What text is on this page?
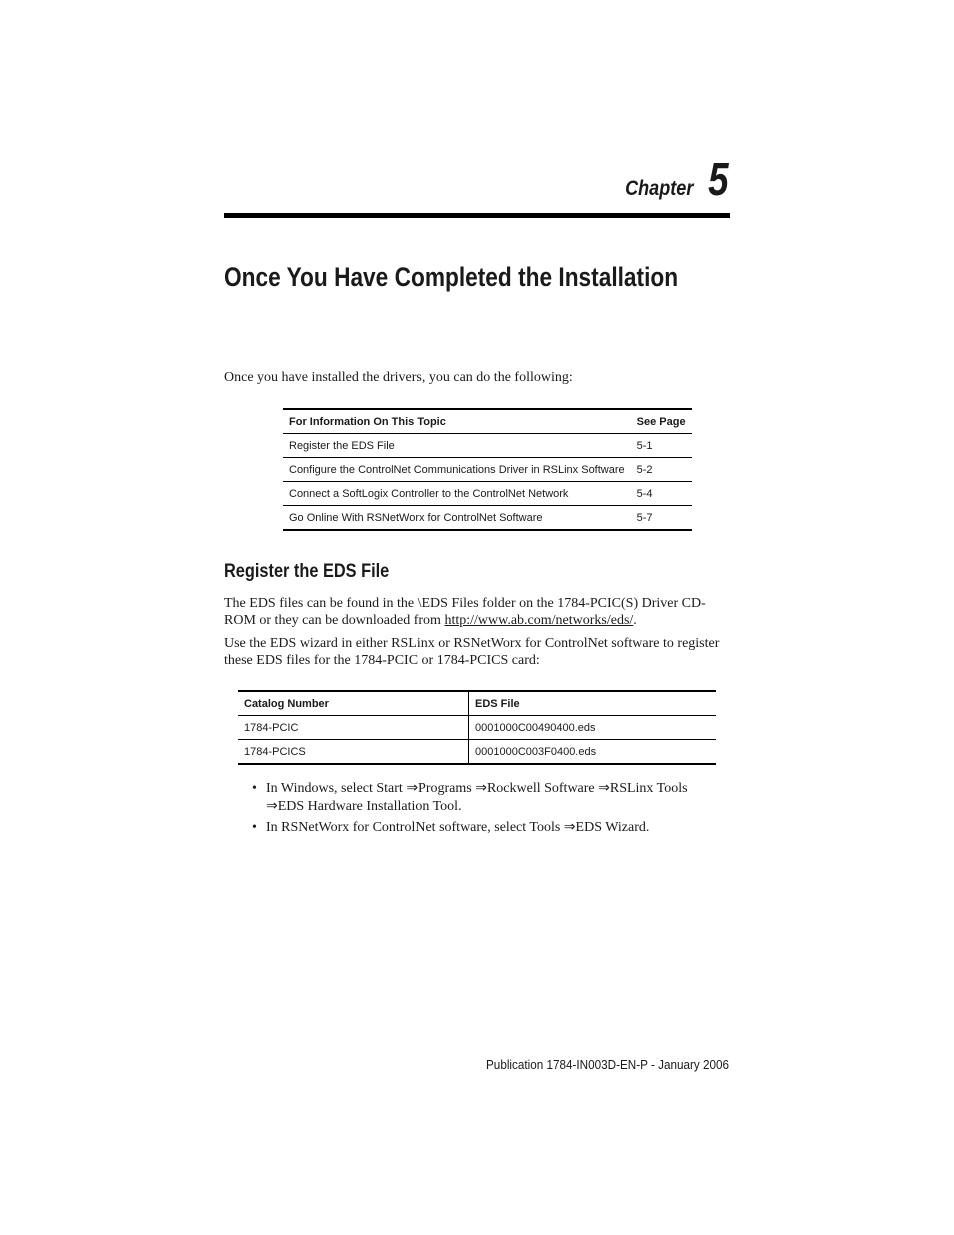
Chapter 5
Once You Have Completed the Installation

Once you have installed the drivers, you can do the following:

For Information On This Topic	See Page
Register the EDS File	5-1
Configure the ControlNet Communications Driver in RSLinx Software	5-2
Connect a SoftLogix Controller to the ControlNet Network	5-4
Go Online With RSNetWorx for ControlNet Software	5-7
Register the EDS File

The EDS files can be found in the \EDS Files folder on the 1784-PCIC(S) Driver CD-ROM or they can be downloaded from http://www.ab.com/networks/eds/.

Use the EDS wizard in either RSLinx or RSNetWorx for ControlNet software to register these EDS files for the 1784-PCIC or 1784-PCICS card:

Catalog Number	EDS File
1784-PCIC	0001000C00490400.eds
1784-PCICS	0001000C003F0400.eds
• In Windows, select Start ⇒Programs ⇒Rockwell Software ⇒RSLinx Tools ⇒EDS Hardware Installation Tool.
• In RSNetWorx for ControlNet software, select Tools ⇒EDS Wizard.

Publication 1784-IN003D-EN-P - January 2006
